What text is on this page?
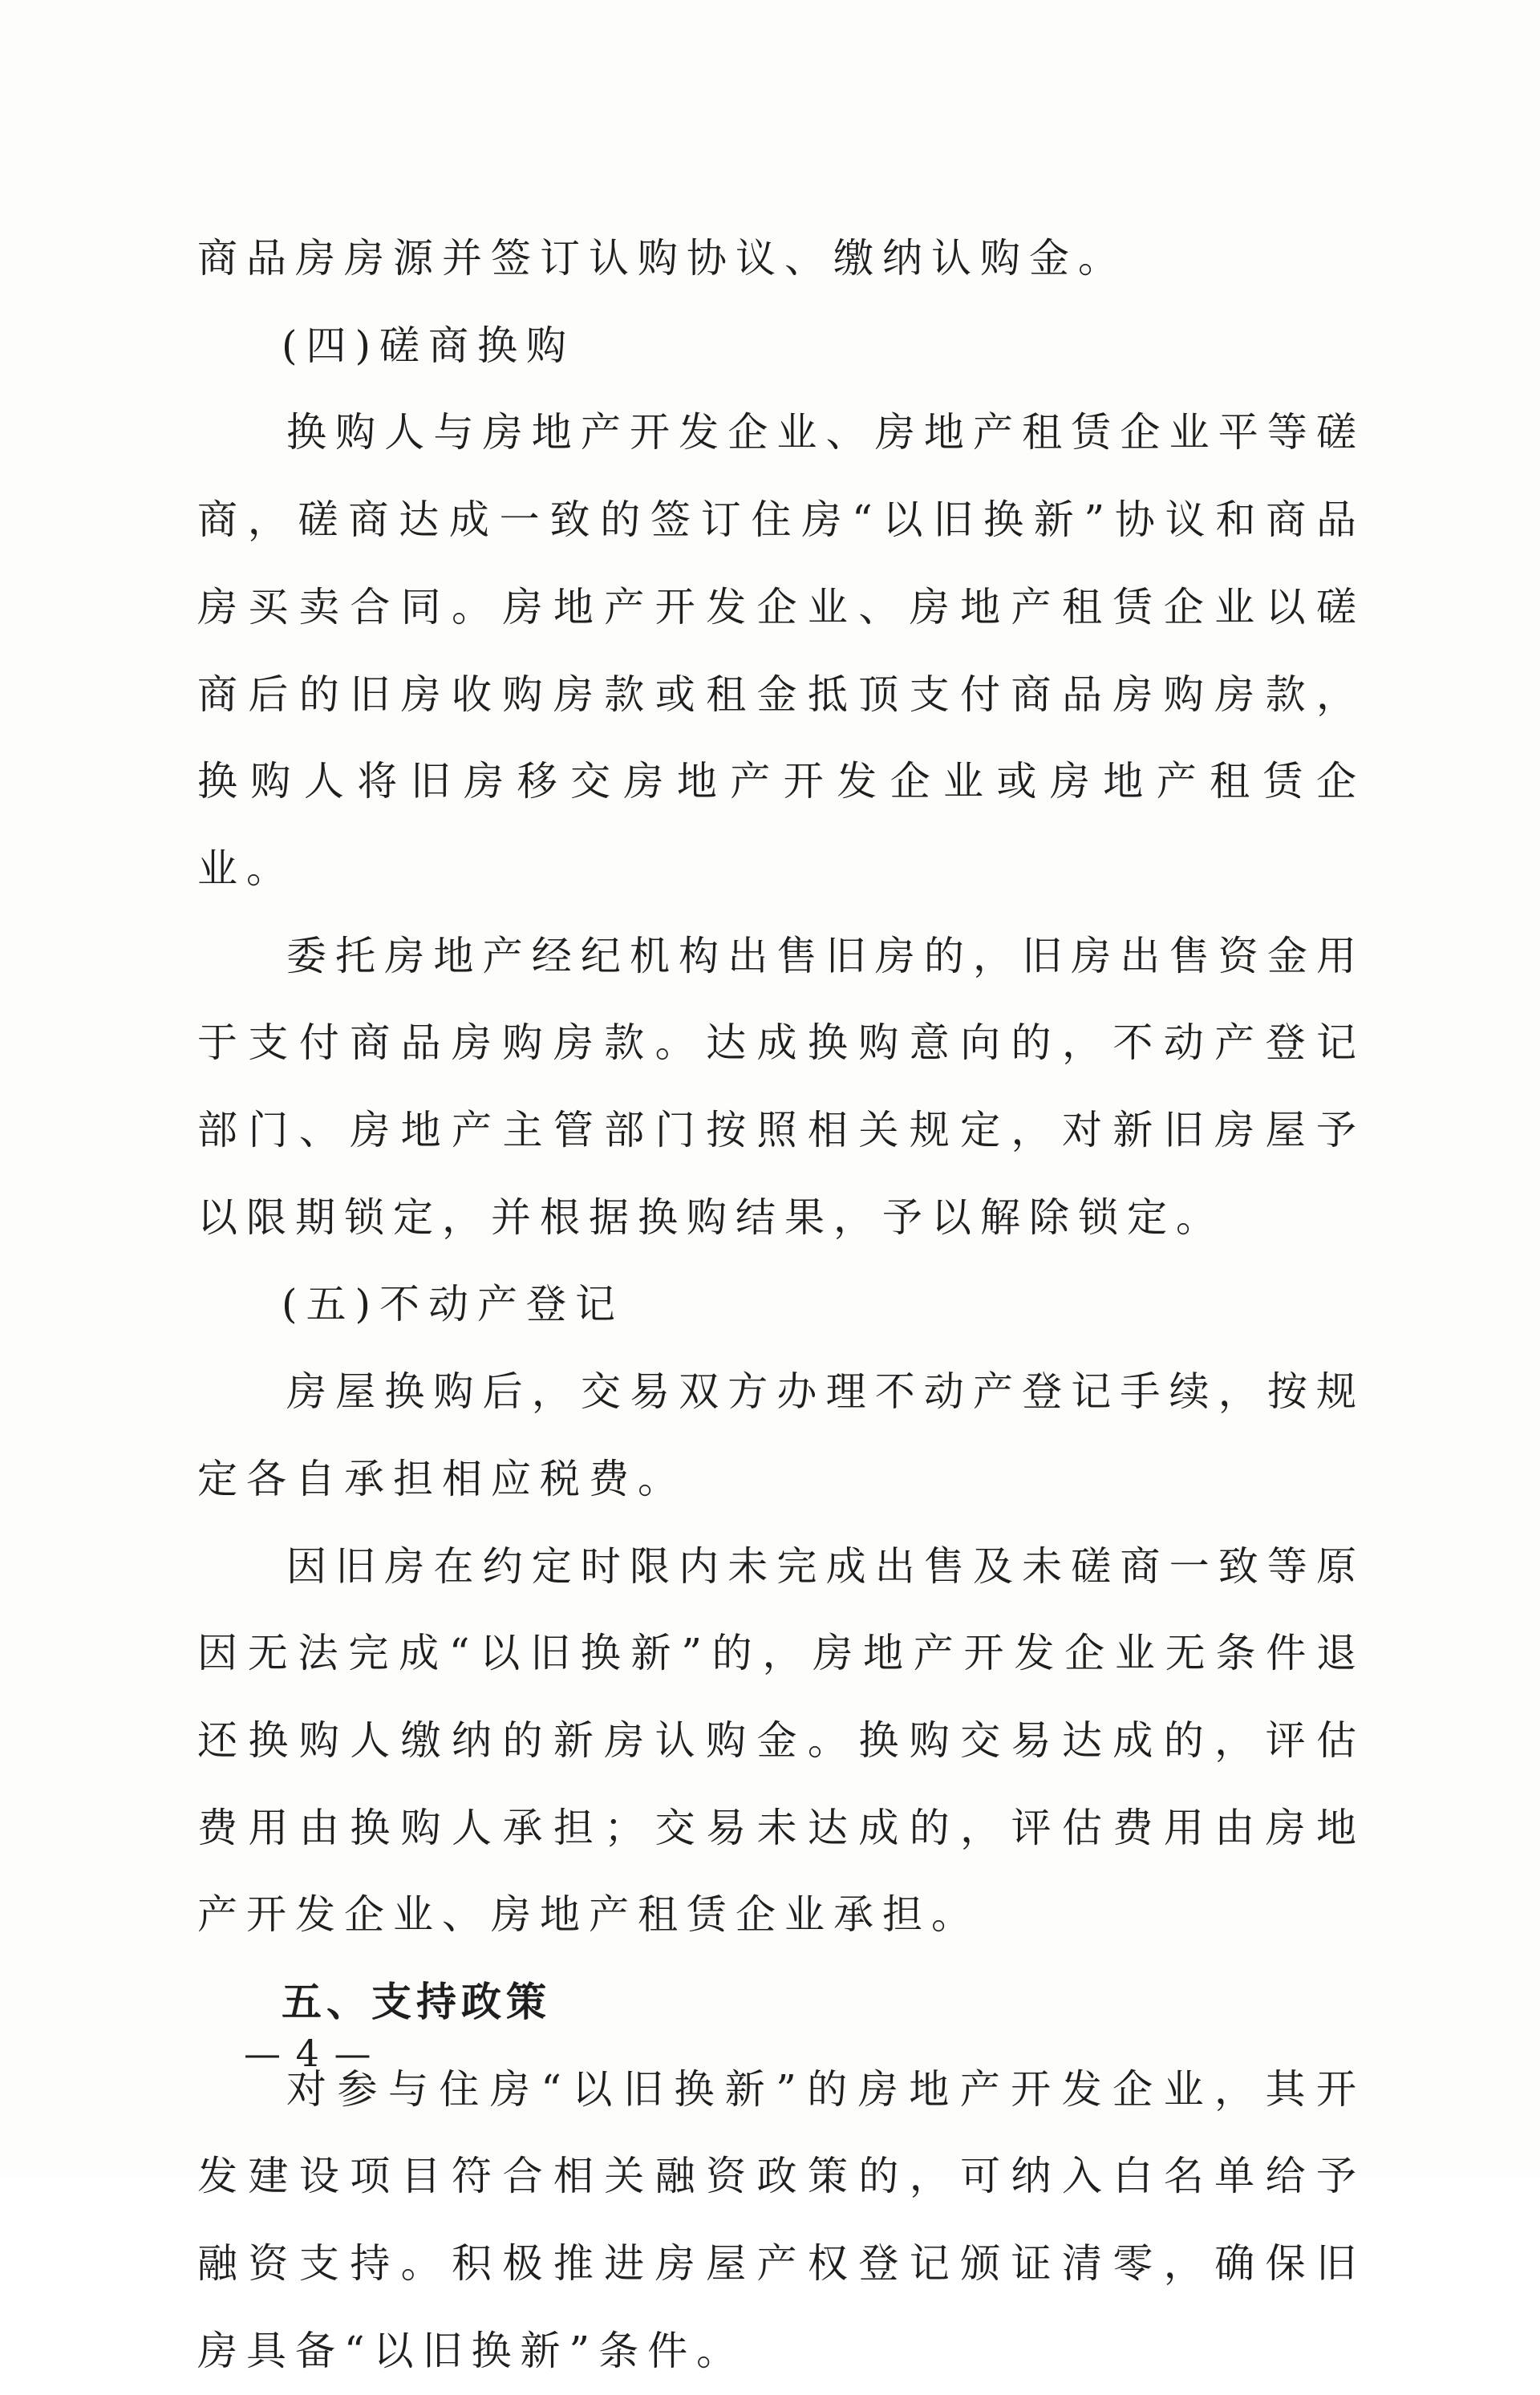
商品房房源并签订认购协议、缴纳认购金。

(四)磋商换购

换购人与房地产开发企业、房地产租赁企业平等磋商，磋商达成一致的签订住房“以旧换新”协议和商品房买卖合同。房地产开发企业、房地产租赁企业以磋商后的旧房收购房款或租金抵顶支付商品房购房款，换购人将旧房移交房地产开发企业或房地产租赁企业。

委托房地产经纪机构出售旧房的，旧房出售资金用于支付商品房购房款。达成换购意向的，不动产登记部门、房地产主管部门按照相关规定，对新旧房屋予以限期锁定，并根据换购结果，予以解除锁定。

(五)不动产登记

房屋换购后，交易双方办理不动产登记手续，按规定各自承担相应税费。

因旧房在约定时限内未完成出售及未磋商一致等原因无法完成“以旧换新”的，房地产开发企业无条件退还换购人缴纳的新房认购金。换购交易达成的，评估费用由换购人承担；交易未达成的，评估费用由房地产开发企业、房地产租赁企业承担。

五、支持政策

对参与住房“以旧换新”的房地产开发企业，其开发建设项目符合相关融资政策的，可纳入白名单给予融资支持。积极推进房屋产权登记颁证清零，确保旧房具备“以旧换新”条件。

— 4 —
